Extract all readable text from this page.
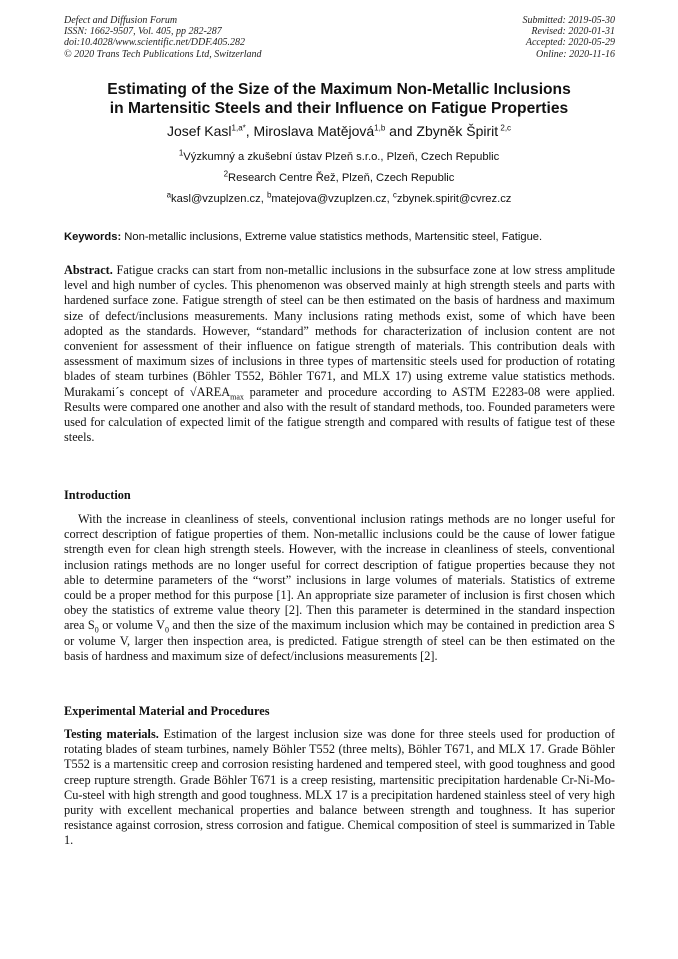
Defect and Diffusion Forum
ISSN: 1662-9507, Vol. 405, pp 282-287
doi:10.4028/www.scientific.net/DDF.405.282
© 2020 Trans Tech Publications Ltd, Switzerland
Submitted: 2019-05-30
Revised: 2020-01-31
Accepted: 2020-05-29
Online: 2020-11-16
Estimating of the Size of the Maximum Non-Metallic Inclusions
in Martensitic Steels and their Influence on Fatigue Properties
Josef Kasl$^{1,a*}$, Miroslava Matějová$^{1,b}$ and Zbyněk Špirit $^{2,c}$
$^1$Výzkumný a zkušební ústav Plzeň s.r.o., Plzeň, Czech Republic
$^2$Research Centre Řež, Plzeň, Czech Republic
$^a$kasl@vzuplzen.cz, $^b$matejova@vzuplzen.cz, $^c$zbynek.spirit@cvrez.cz
Keywords: Non-metallic inclusions, Extreme value statistics methods, Martensitic steel, Fatigue.
Abstract. Fatigue cracks can start from non-metallic inclusions in the subsurface zone at low stress amplitude level and high number of cycles. This phenomenon was observed mainly at high strength steels and parts with hardened surface zone. Fatigue strength of steel can be then estimated on the basis of hardness and maximum size of defect/inclusions measurements. Many inclusions rating methods exist, some of which have been adopted as the standards. However, “standard” methods for characterization of inclusion content are not convenient for assessment of their influence on fatigue strength of materials. This contribution deals with assessment of maximum sizes of inclusions in three types of martensitic steels used for production of rotating blades of steam turbines (Böhler T552, Böhler T671, and MLX 17) using extreme value statistics methods. Murakami´s concept of $√AREA_{max}$ parameter and procedure according to ASTM E2283-08 were applied. Results were compared one another and also with the result of standard methods, too. Founded parameters were used for calculation of expected limit of the fatigue strength and compared with results of fatigue test of these steels.
Introduction
With the increase in cleanliness of steels, conventional inclusion ratings methods are no longer useful for correct description of fatigue properties of them. Non-metallic inclusions could be the cause of lower fatigue strength even for clean high strength steels. However, with the increase in cleanliness of steels, conventional inclusion ratings methods are no longer useful for correct description of fatigue properties because they not able to determine parameters of the “worst” inclusions in large volumes of materials. Statistics of extreme could be a proper method for this purpose [1]. An appropriate size parameter of inclusion is first chosen which obey the statistics of extreme value theory [2]. Then this parameter is determined in the standard inspection area $S_0$ or volume $V_0$ and then the size of the maximum inclusion which may be contained in prediction area S or volume V, larger then inspection area, is predicted. Fatigue strength of steel can be then estimated on the basis of hardness and maximum size of defect/inclusions measurements [2].
Experimental Material and Procedures
Testing materials. Estimation of the largest inclusion size was done for three steels used for production of rotating blades of steam turbines, namely Böhler T552 (three melts), Böhler T671, and MLX 17. Grade Böhler T552 is a martensitic creep and corrosion resisting hardened and tempered steel, with good toughness and good creep rupture strength. Grade Böhler T671 is a creep resisting, martensitic precipitation hardenable Cr-Ni-Mo-Cu-steel with high strength and good toughness. MLX 17 is a precipitation hardened stainless steel of very high purity with excellent mechanical properties and balance between strength and toughness. It has superior resistance against corrosion, stress corrosion and fatigue. Chemical composition of steel is summarized in Table 1.
